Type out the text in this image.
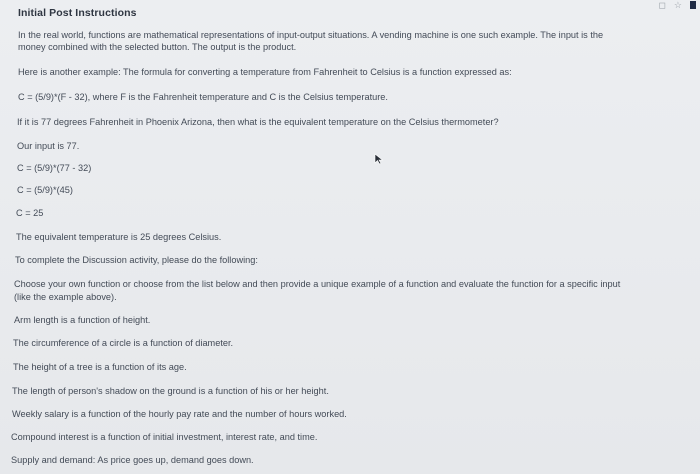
◻ ☆
Initial Post Instructions
In the real world, functions are mathematical representations of input-output situations. A vending machine is one such example. The input is the
money combined with the selected button. The output is the product.
Here is another example: The formula for converting a temperature from Fahrenheit to Celsius is a function expressed as:
C = (5/9)*(F - 32), where F is the Fahrenheit temperature and C is the Celsius temperature.
If it is 77 degrees Fahrenheit in Phoenix Arizona, then what is the equivalent temperature on the Celsius thermometer?
Our input is 77.
C = (5/9)*(77 - 32)
C = (5/9)*(45)
C = 25
The equivalent temperature is 25 degrees Celsius.
To complete the Discussion activity, please do the following:
Choose your own function or choose from the list below and then provide a unique example of a function and evaluate the function for a specific input
(like the example above).
Arm length is a function of height.
The circumference of a circle is a function of diameter.
The height of a tree is a function of its age.
The length of person's shadow on the ground is a function of his or her height.
Weekly salary is a function of the hourly pay rate and the number of hours worked.
Compound interest is a function of initial investment, interest rate, and time.
Supply and demand: As price goes up, demand goes down.
